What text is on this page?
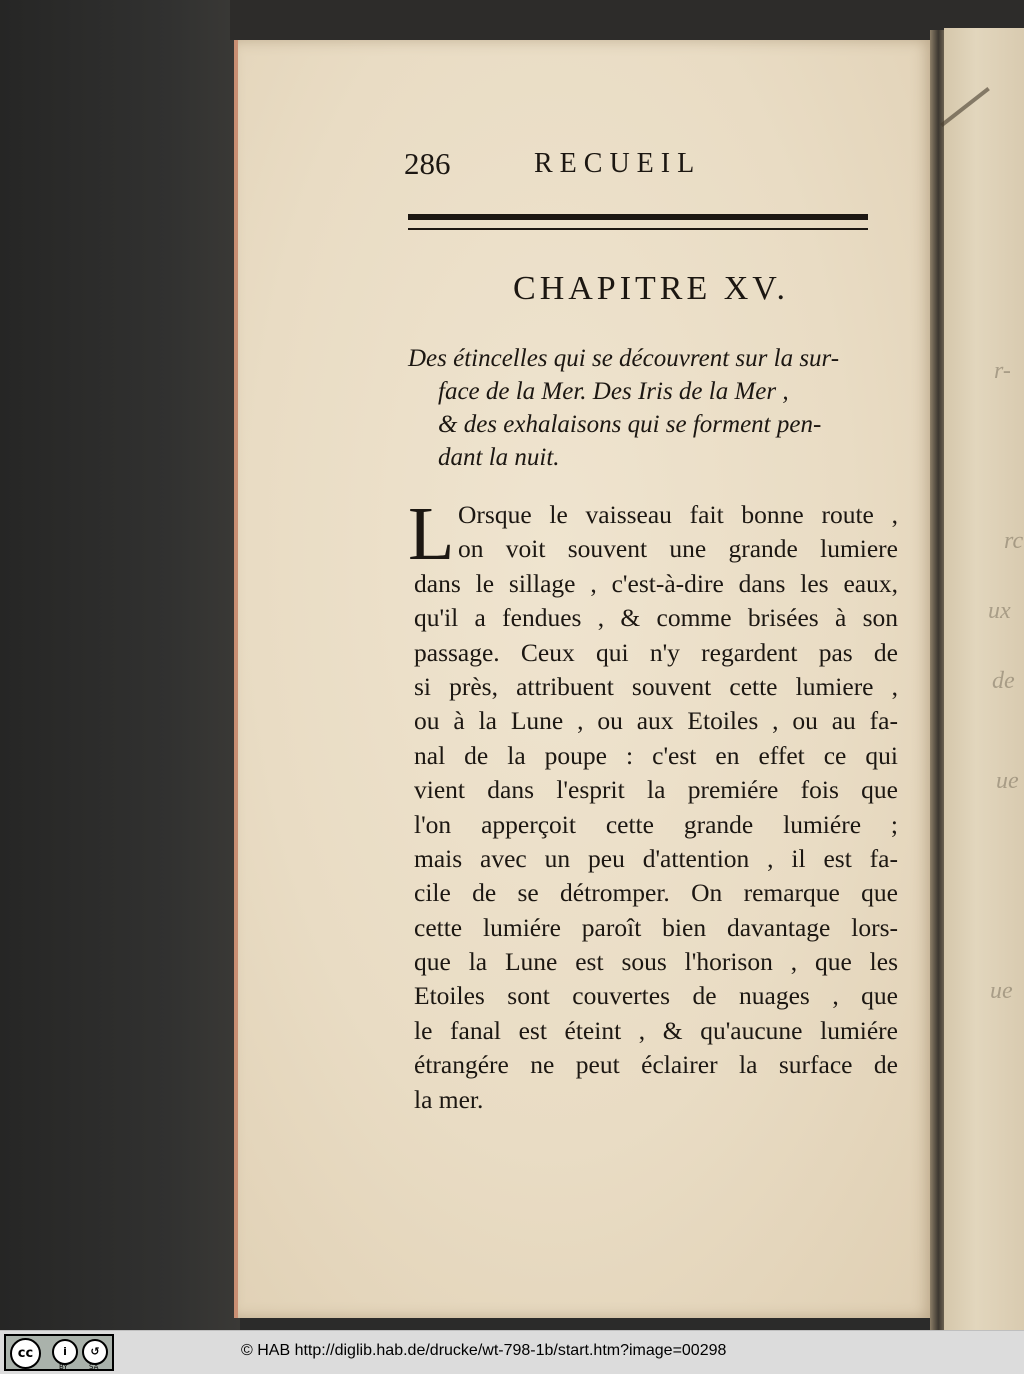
r-
rc
ux
de
ue
ue
286	RECUEIL
CHAPITRE XV.
Des étincelles qui se découvrent sur la sur-
face de la Mer. Des Iris de la Mer ,
& des exhalaisons qui se forment pen-
dant la nuit.
L Orsque le vaisseau fait bonne route ,
on voit souvent une grande lumiere
dans le sillage , c'est-à-dire dans les eaux,
qu'il a fendues , & comme brisées à son
passage. Ceux qui n'y regardent pas de
si près, attribuent souvent cette lumiere ,
ou à la Lune , ou aux Etoiles , ou au fa-
nal de la poupe : c'est en effet ce qui
vient dans l'esprit la premiére fois que
l'on apperçoit cette grande lumiére ;
mais avec un peu d'attention , il est fa-
cile de se détromper. On remarque que
cette lumiére paroît bien davantage lors-
que la Lune est sous l'horison , que les
Etoiles sont couvertes de nuages , que
le fanal est éteint , & qu'aucune lumiére
étrangére ne peut éclairer la surface de
la mer.
cc	i
BY
↺
SA
© HAB http://diglib.hab.de/drucke/wt-798-1b/start.htm?image=00298
